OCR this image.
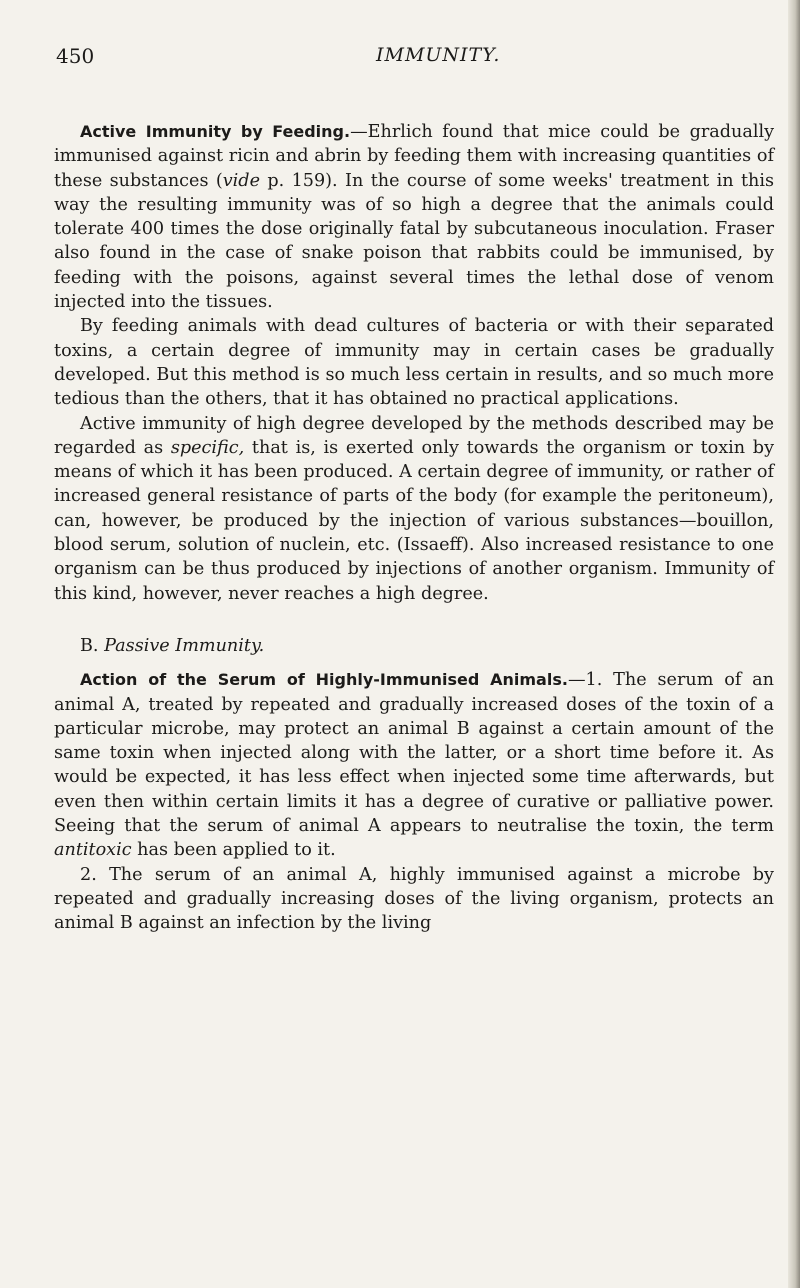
450	IMMUNITY.

Active Immunity by Feeding.—Ehrlich found that mice could be gradually immunised against ricin and abrin by feeding them with increasing quantities of these substances (vide p. 159). In the course of some weeks' treatment in this way the resulting immunity was of so high a degree that the animals could tolerate 400 times the dose originally fatal by subcutaneous inoculation. Fraser also found in the case of snake poison that rabbits could be immunised, by feeding with the poisons, against several times the lethal dose of venom injected into the tissues.

By feeding animals with dead cultures of bacteria or with their separated toxins, a certain degree of immunity may in certain cases be gradually developed. But this method is so much less certain in results, and so much more tedious than the others, that it has obtained no practical applications.

Active immunity of high degree developed by the methods described may be regarded as specific, that is, is exerted only towards the organism or toxin by means of which it has been produced. A certain degree of immunity, or rather of increased general resistance of parts of the body (for example the peritoneum), can, however, be produced by the injection of various substances—bouillon, blood serum, solution of nuclein, etc. (Issaeff). Also increased resistance to one organism can be thus produced by injections of another organism. Immunity of this kind, however, never reaches a high degree.

B. Passive Immunity.

Action of the Serum of Highly-Immunised Animals.—1. The serum of an animal A, treated by repeated and gradually increased doses of the toxin of a particular microbe, may protect an animal B against a certain amount of the same toxin when injected along with the latter, or a short time before it. As would be expected, it has less effect when injected some time afterwards, but even then within certain limits it has a degree of curative or palliative power. Seeing that the serum of animal A appears to neutralise the toxin, the term antitoxic has been applied to it.

2. The serum of an animal A, highly immunised against a microbe by repeated and gradually increasing doses of the living organism, protects an animal B against an infection by the living
